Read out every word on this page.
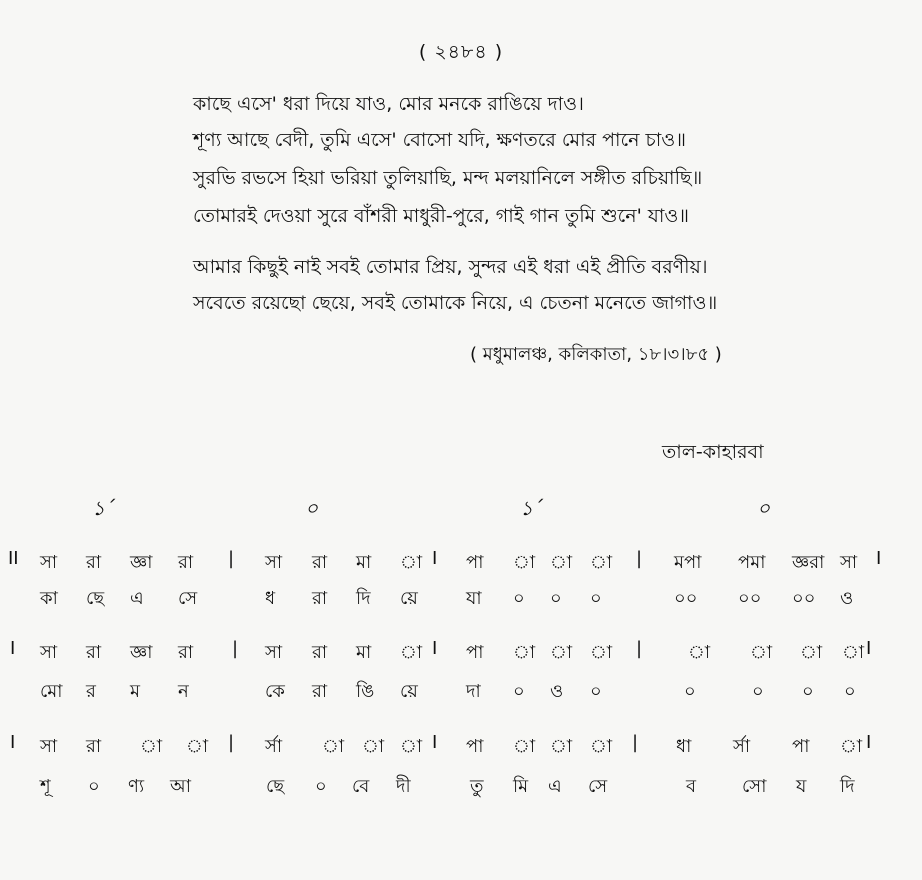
( ২৪৮৪ )
কাছে এসে' ধরা দিয়ে যাও, মোর মনকে রাঙিয়ে দাও।
শূণ্য আছে বেদী, তুমি এসে' বোসো যদি, ক্ষণতরে মোর পানে চাও॥
সুরভি রভসে হিয়া ভরিয়া তুলিয়াছি, মন্দ মলয়ানিলে সঙ্গীত রচিয়াছি॥
তোমারই দেওয়া সুরে বাঁশরী মাধুরী-পুরে, গাই গান তুমি শুনে' যাও॥
আমার কিছুই নাই সবই তোমার প্রিয়, সুন্দর এই ধরা এই প্রীতি বরণীয়।
সবেতে রয়েছো ছেয়ে, সবই তোমাকে নিয়ে, এ চেতনা মনেতে জাগাও॥
( মধুমালঞ্চ, কলিকাতা, ১৮।৩।৮৫ )
তাল-কাহারবা
১´	০	১´	০
II সা রা জ্ঞা রা | সা রা মা া I পা া া া | মপা পমা জ্ঞরা সা I
কা ছে এ সে	ধ রা দি য়ে	যা ০ ০ ০	০০ ০০ ০০ ও
I সা রা জ্ঞা রা | সা রা মা া I পা া া া |	া া া া I
মো র ম ন	কে রা ঙি য়ে	দা ০ ও ০	০	০ ০ ০
I সা রা া া | র্সা া া া I পা া া া | ধা র্সা পা া I
শূ ০ ণ্য আ	ছে ০ বে দী	তু মি এ সে	ব	সো য দি
